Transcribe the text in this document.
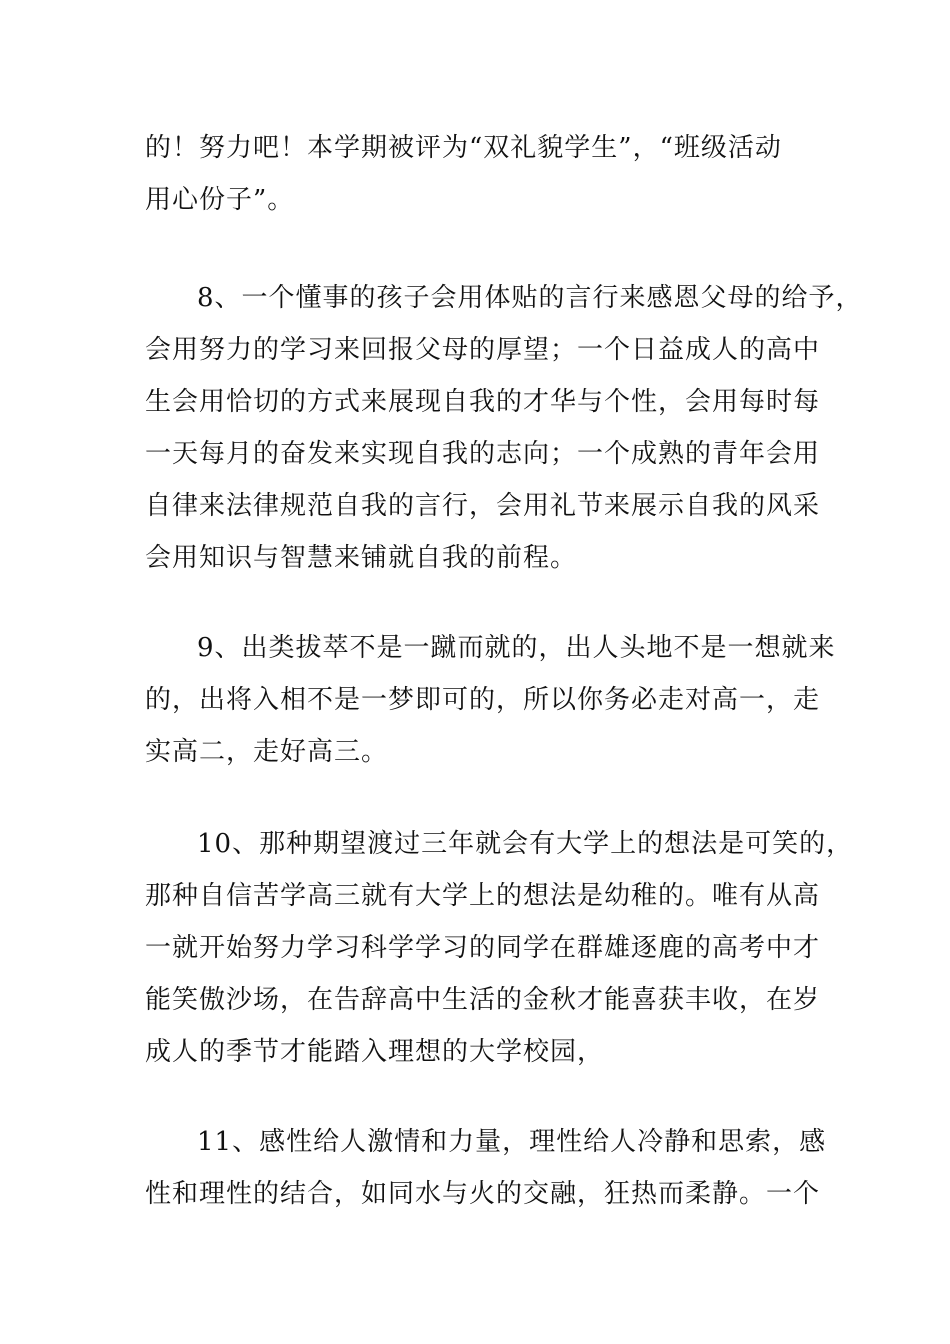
的！努力吧！本学期被评为“双礼貌学生”，“班级活动
用心份子”。
8、一个懂事的孩子会用体贴的言行来感恩父母的给予，
会用努力的学习来回报父母的厚望；一个日益成人的高中
生会用恰切的方式来展现自我的才华与个性，会用每时每
一天每月的奋发来实现自我的志向；一个成熟的青年会用
自律来法律规范自我的言行，会用礼节来展示自我的风采
会用知识与智慧来铺就自我的前程。
9、出类拔萃不是一蹴而就的，出人头地不是一想就来
的，出将入相不是一梦即可的，所以你务必走对高一，走
实高二，走好高三。
10、那种期望渡过三年就会有大学上的想法是可笑的，
那种自信苦学高三就有大学上的想法是幼稚的。唯有从高
一就开始努力学习科学学习的同学在群雄逐鹿的高考中才
能笑傲沙场，在告辞高中生活的金秋才能喜获丰收，在岁
成人的季节才能踏入理想的大学校园，
11、感性给人激情和力量，理性给人冷静和思索，感
性和理性的结合，如同水与火的交融，狂热而柔静。一个
